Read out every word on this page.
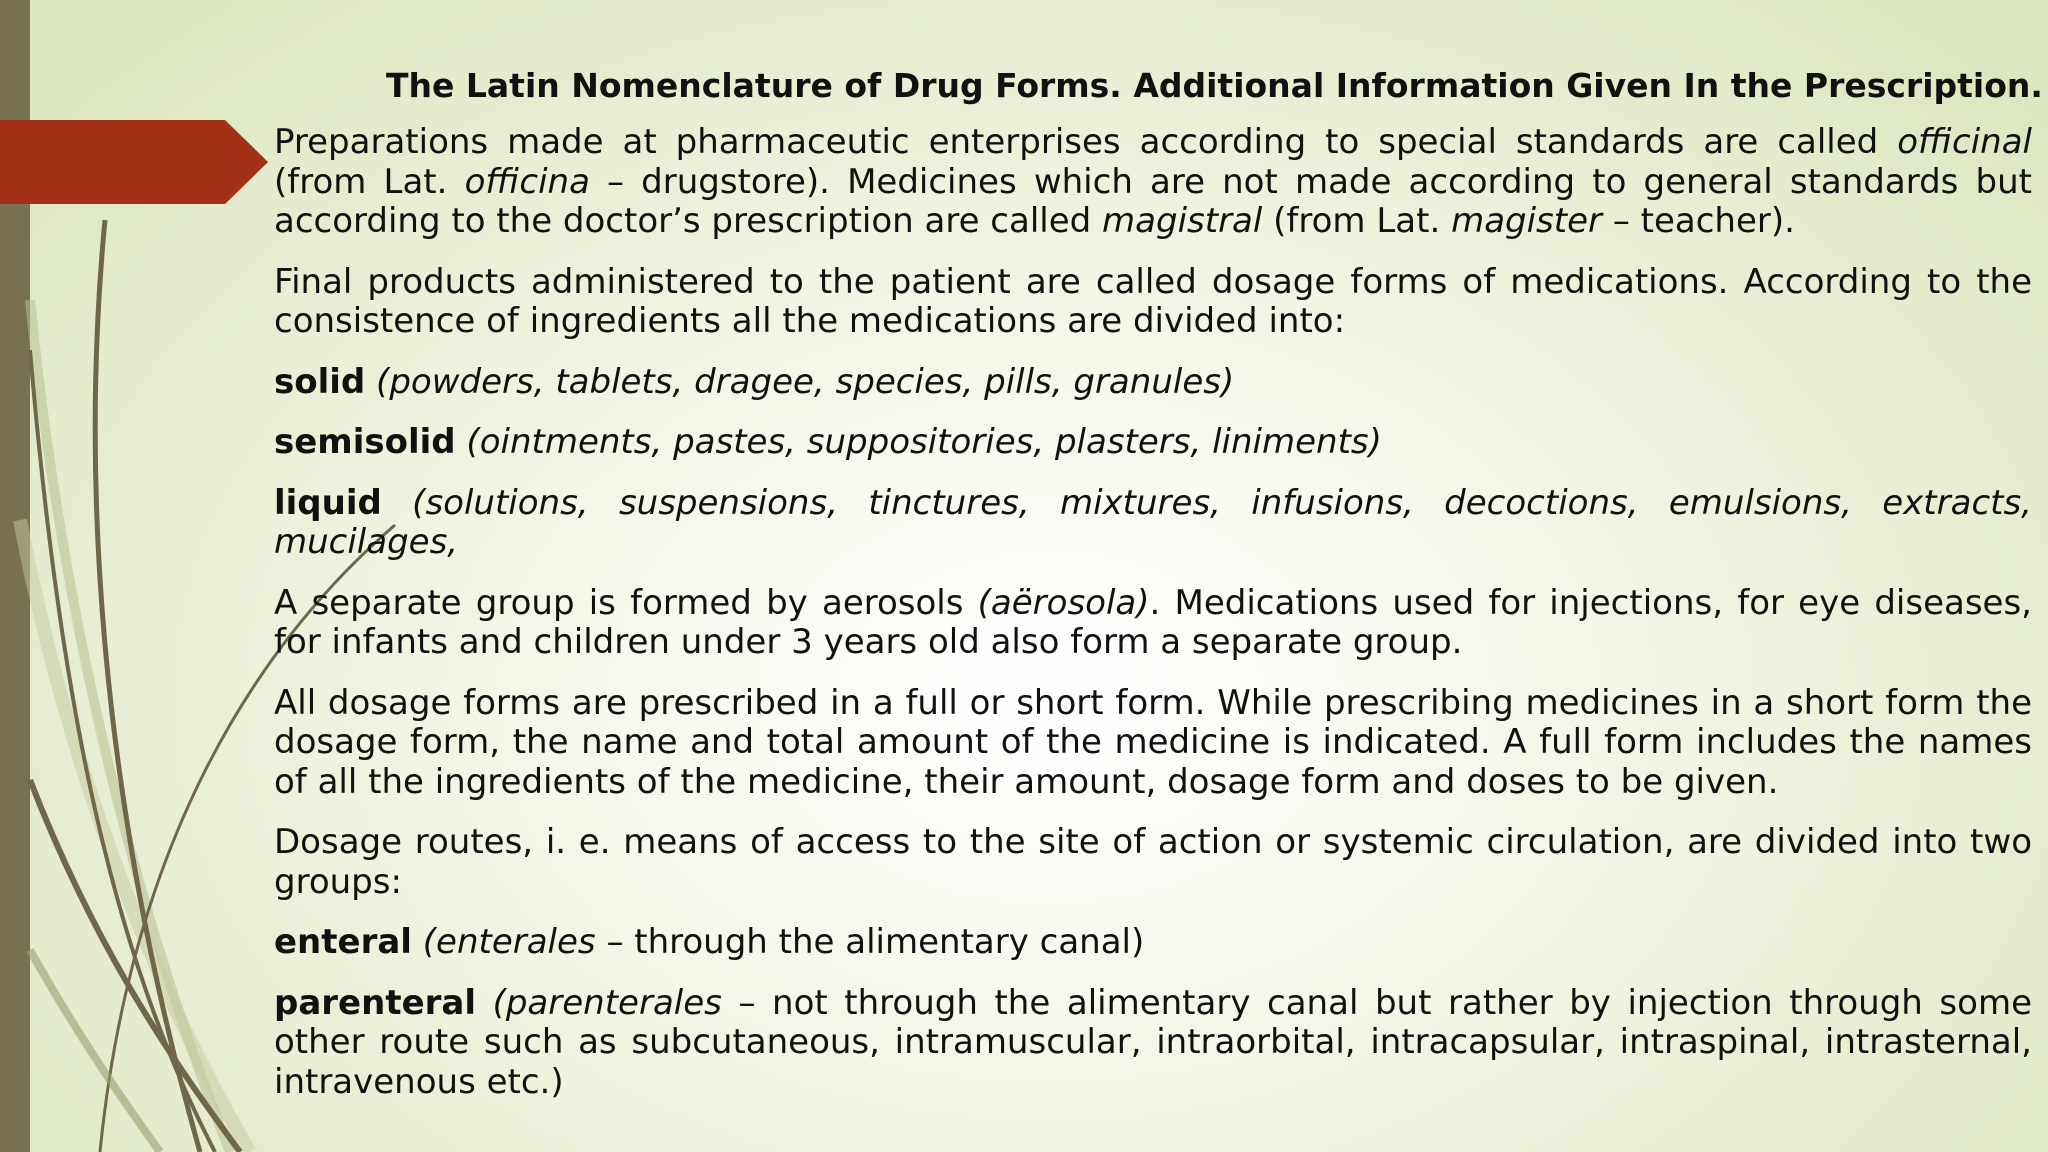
The Latin Nomenclature of Drug Forms. Additional Information Given In the Prescription.

Preparations made at pharmaceutic enterprises according to special standards are called officinal (from Lat. officina – drugstore). Medicines which are not made according to general standards but according to the doctor’s prescription are called magistral (from Lat. magister – teacher).

Final products administered to the patient are called dosage forms of medications. According to the consistence of ingredients all the medications are divided into:

solid (powders, tablets, dragee, species, pills, granules)

semisolid (ointments, pastes, suppositories, plasters, liniments)

liquid (solutions, suspensions, tinctures, mixtures, infusions, decoctions, emulsions, extracts, mucilages,

A separate group is formed by aerosols (aërosola). Medications used for injections, for eye diseases, for infants and children under 3 years old also form a separate group.

All dosage forms are prescribed in a full or short form. While prescribing medicines in a short form the dosage form, the name and total amount of the medicine is indicated. A full form includes the names of all the ingredients of the medicine, their amount, dosage form and doses to be given.

Dosage routes, i. e. means of access to the site of action or systemic circulation, are divided into two groups:

enteral (enterales – through the alimentary canal)

parenteral (parenterales – not through the alimentary canal but rather by injection through some other route such as subcutaneous, intramuscular, intraorbital, intracapsular, intraspinal, intrasternal, intravenous etc.)
